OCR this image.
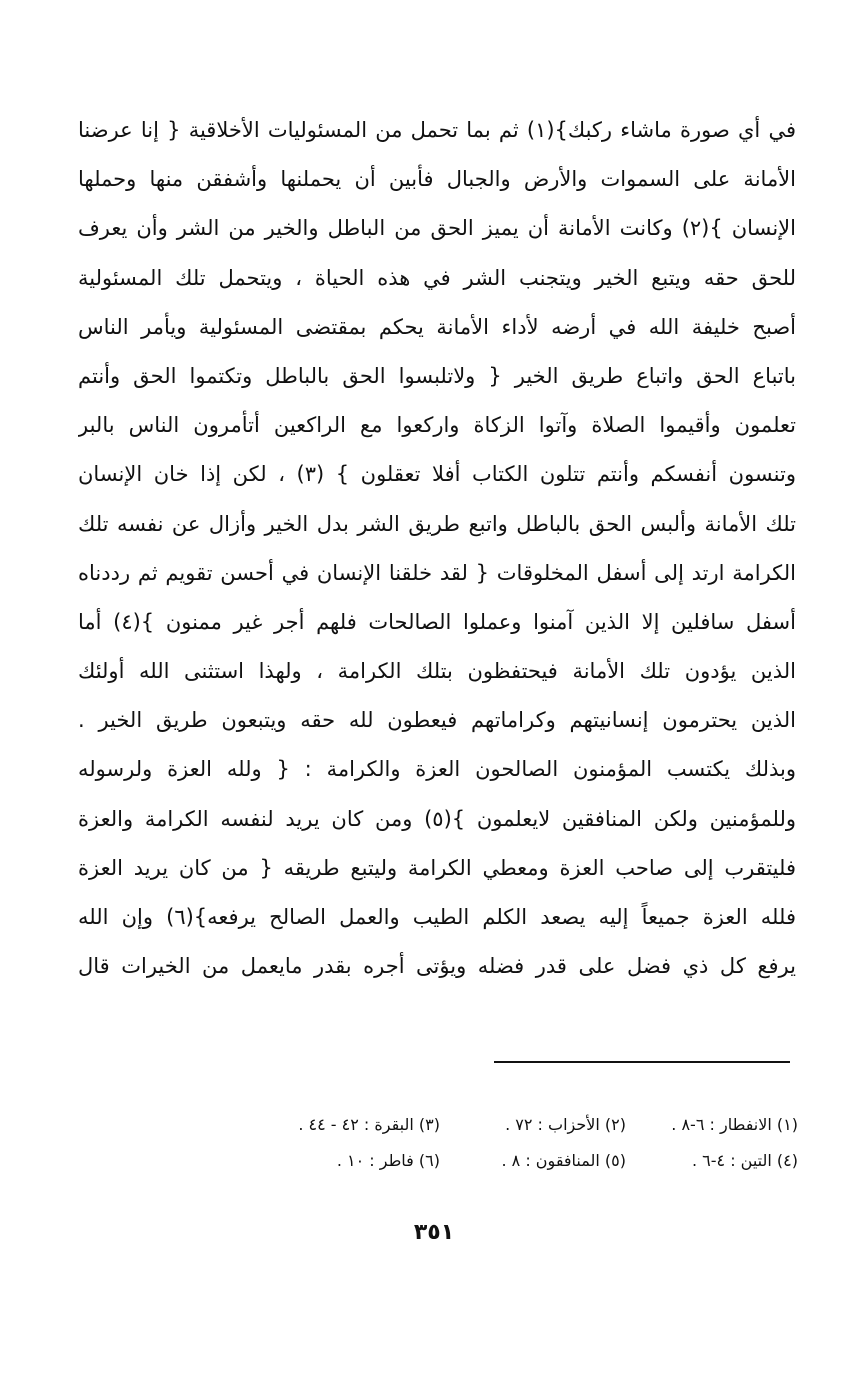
في أي صورة ماشاء ركبك}(١) ثم بما تحمل من المسئوليات الأخلاقية { إنا عرضنا
الأمانة على السموات والأرض والجبال فأبين أن يحملنها وأشفقن منها وحملها
الإنسان }(٢) وكانت الأمانة أن يميز الحق من الباطل والخير من الشر وأن يعرف
للحق حقه ويتبع الخير ويتجنب الشر في هذه الحياة ، ويتحمل تلك المسئولية
أصبح خليفة الله في أرضه لأداء الأمانة يحكم بمقتضى المسئولية ويأمر الناس
باتباع الحق واتباع طريق الخير { ولاتلبسوا الحق بالباطل وتكتموا الحق وأنتم
تعلمون وأقيموا الصلاة وآتوا الزكاة واركعوا مع الراكعين أتأمرون الناس بالبر
وتنسون أنفسكم وأنتم تتلون الكتاب أفلا تعقلون } (٣) ، لكن إذا خان الإنسان
تلك الأمانة وألبس الحق بالباطل واتبع طريق الشر بدل الخير وأزال عن نفسه تلك
الكرامة ارتد إلى أسفل المخلوقات { لقد خلقنا الإنسان في أحسن تقويم ثم رددناه
أسفل سافلين إلا الذين آمنوا وعملوا الصالحات فلهم أجر غير ممنون }(٤) أما
الذين يؤدون تلك الأمانة فيحتفظون بتلك الكرامة ، ولهذا استثنى الله أولئك
الذين يحترمون إنسانيتهم وكراماتهم فيعطون لله حقه ويتبعون طريق الخير .
وبذلك يكتسب المؤمنون الصالحون العزة والكرامة : { ولله العزة ولرسوله
وللمؤمنين ولكن المنافقين لايعلمون }(٥) ومن كان يريد لنفسه الكرامة والعزة
فليتقرب إلى صاحب العزة ومعطي الكرامة وليتبع طريقه { من كان يريد العزة
فلله العزة جميعاً إليه يصعد الكلم الطيب والعمل الصالح يرفعه}(٦) وإن الله
يرفع كل ذي فضل على قدر فضله ويؤتى أجره بقدر مايعمل من الخيرات قال
(١) الانفطار : ٦-٨ .
(٢) الأحزاب : ٧٢ .
(٣) البقرة : ٤٢ - ٤٤ .
(٤) التين : ٤-٦ .
(٥) المنافقون : ٨ .
(٦) فاطر : ١٠ .
٣٥١
